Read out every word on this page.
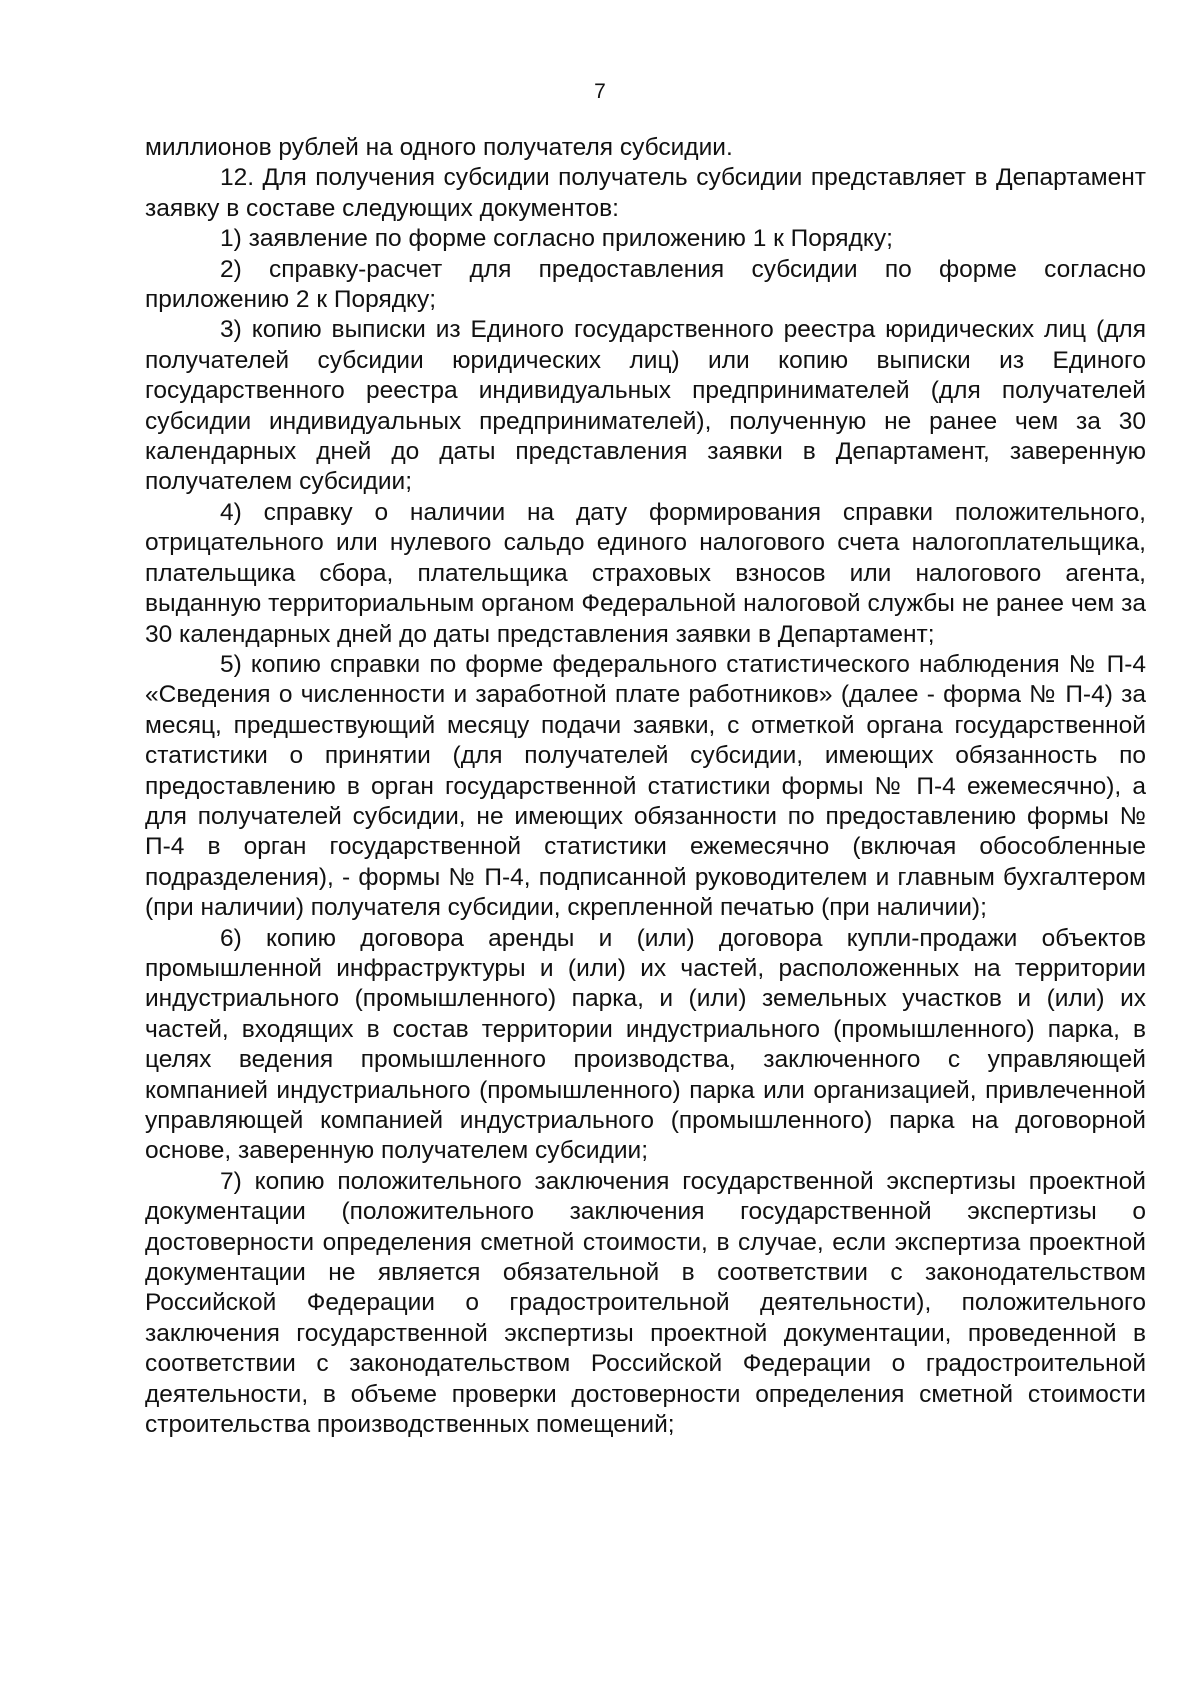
7

миллионов рублей на одного получателя субсидии.

12. Для получения субсидии получатель субсидии представляет в Департамент заявку в составе следующих документов:

1) заявление по форме согласно приложению 1 к Порядку;

2) справку-расчет для предоставления субсидии по форме согласно приложению 2 к Порядку;

3) копию выписки из Единого государственного реестра юридических лиц (для получателей субсидии юридических лиц) или копию выписки из Единого государственного реестра индивидуальных предпринимателей (для получателей субсидии индивидуальных предпринимателей), полученную не ранее чем за 30 календарных дней до даты представления заявки в Департамент, заверенную получателем субсидии;

4) справку о наличии на дату формирования справки положительного, отрицательного или нулевого сальдо единого налогового счета налогоплательщика, плательщика сбора, плательщика страховых взносов или налогового агента, выданную территориальным органом Федеральной налоговой службы не ранее чем за 30 календарных дней до даты представления заявки в Департамент;

5) копию справки по форме федерального статистического наблюдения № П-4 «Сведения о численности и заработной плате работников» (далее - форма № П-4) за месяц, предшествующий месяцу подачи заявки, с отметкой органа государственной статистики о принятии (для получателей субсидии, имеющих обязанность по предоставлению в орган государственной статистики формы № П-4 ежемесячно), а для получателей субсидии, не имеющих обязанности по предоставлению формы № П-4 в орган государственной статистики ежемесячно (включая обособленные подразделения), - формы № П-4, подписанной руководителем и главным бухгалтером (при наличии) получателя субсидии, скрепленной печатью (при наличии);

6) копию договора аренды и (или) договора купли-продажи объектов промышленной инфраструктуры и (или) их частей, расположенных на территории индустриального (промышленного) парка, и (или) земельных участков и (или) их частей, входящих в состав территории индустриального (промышленного) парка, в целях ведения промышленного производства, заключенного с управляющей компанией индустриального (промышленного) парка или организацией, привлеченной управляющей компанией индустриального (промышленного) парка на договорной основе, заверенную получателем субсидии;

7) копию положительного заключения государственной экспертизы проектной документации (положительного заключения государственной экспертизы о достоверности определения сметной стоимости, в случае, если экспертиза проектной документации не является обязательной в соответствии с законодательством Российской Федерации о градостроительной деятельности), положительного заключения государственной экспертизы проектной документации, проведенной в соответствии с законодательством Российской Федерации о градостроительной деятельности, в объеме проверки достоверности определения сметной стоимости строительства производственных помещений;
